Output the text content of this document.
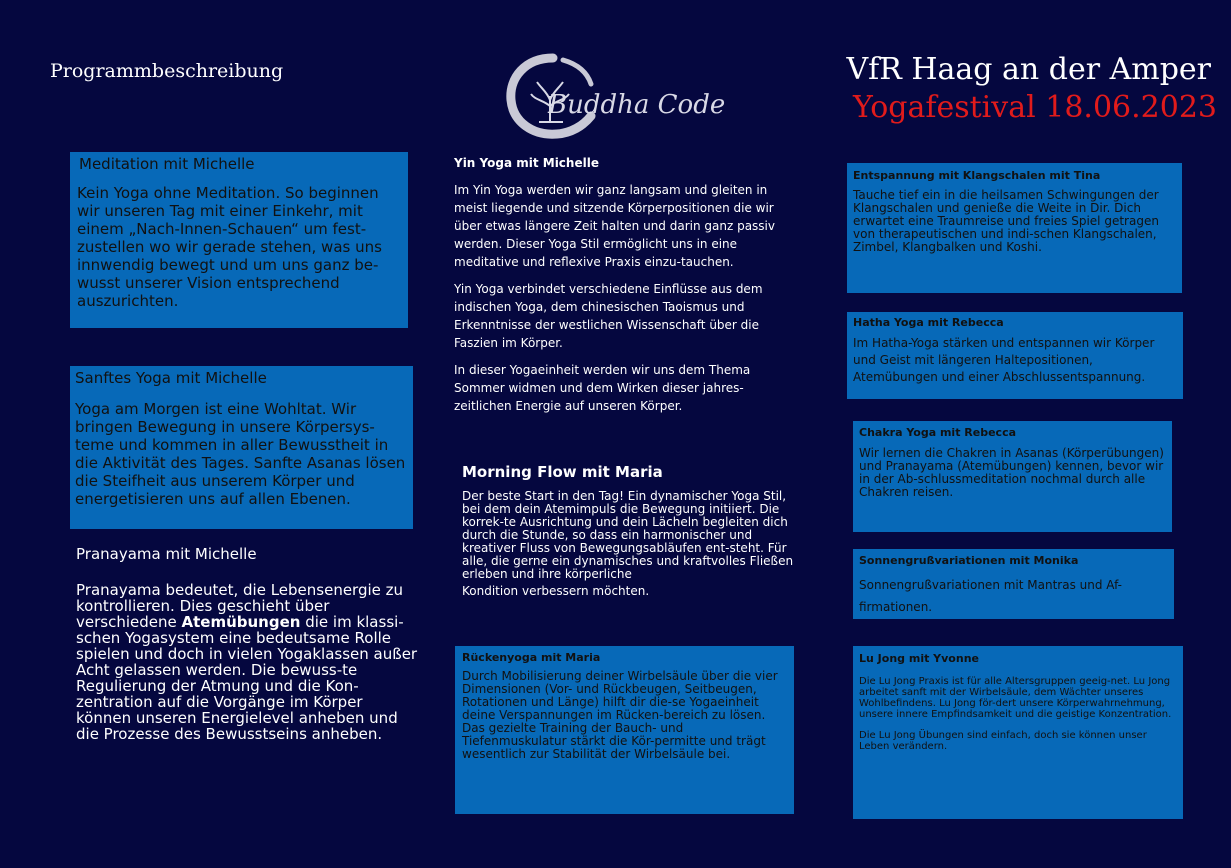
Programmbeschreibung
Buddha Code
VfR Haag an der Amper
Yogafestival 18.06.2023
Meditation mit Michelle
Kein Yoga ohne Meditation. So beginnen wir unseren Tag mit einer Einkehr, mit einem „Nach-Innen-Schauen“ um fest-zustellen wo wir gerade stehen, was uns innwendig bewegt und um uns ganz be-wusst unserer Vision entsprechend auszurichten.
Sanftes Yoga mit Michelle
Yoga am Morgen ist eine Wohltat. Wir bringen Bewegung in unsere Körpersys-teme und kommen in aller Bewusstheit in die Aktivität des Tages. Sanfte Asanas lösen die Steifheit aus unserem Körper und energetisieren uns auf allen Ebenen.
Pranayama mit Michelle
Pranayama bedeutet, die Lebensenergie zu kontrollieren. Dies geschieht über verschiedene Atemübungen die im klassi-schen Yogasystem eine bedeutsame Rolle spielen und doch in vielen Yogaklassen außer Acht gelassen werden. Die bewuss-te Regulierung der Atmung und die Kon-zentration auf die Vorgänge im Körper können unseren Energielevel anheben und die Prozesse des Bewusstseins anheben.
Yin Yoga mit Michelle

Im Yin Yoga werden wir ganz langsam und gleiten in meist liegende und sitzende Körperpositionen die wir über etwas längere Zeit halten und darin ganz passiv werden. Dieser Yoga Stil ermöglicht uns in eine meditative und reflexive Praxis einzu-tauchen.

Yin Yoga verbindet verschiedene Einflüsse aus dem indischen Yoga, dem chinesischen Taoismus und Erkenntnisse der westlichen Wissenschaft über die Faszien im Körper.

In dieser Yogaeinheit werden wir uns dem Thema Sommer widmen und dem Wirken dieser jahres-zeitlichen Energie auf unseren Körper.

Morning Flow mit Maria
Der beste Start in den Tag! Ein dynamischer Yoga Stil, bei dem dein Atemimpuls die Bewegung initiiert. Die korrek-te Ausrichtung und dein Lächeln begleiten dich durch die Stunde, so dass ein harmonischer und kreativer Fluss von Bewegungsabläufen ent-steht. Für alle, die gerne ein dynamisches und kraftvolles Fließen erleben und ihre körperliche
Kondition verbessern möchten.
Rückenyoga mit Maria
Durch Mobilisierung deiner Wirbelsäule über die vier Dimensionen (Vor- und Rückbeugen, Seitbeugen, Rotationen und Länge) hilft dir die-se Yogaeinheit deine Verspannungen im Rücken-bereich zu lösen. Das gezielte Training der Bauch- und Tiefenmuskulatur stärkt die Kör-permitte und trägt wesentlich zur Stabilität der Wirbelsäule bei.
Entspannung mit Klangschalen mit Tina
Tauche tief ein in die heilsamen Schwingungen der Klangschalen und genieße die Weite in Dir. Dich erwartet eine Traumreise und freies Spiel getragen von therapeutischen und indi-schen Klangschalen, Zimbel, Klangbalken und Koshi.
Hatha Yoga mit Rebecca
Im Hatha-Yoga stärken und entspannen wir Körper und Geist mit längeren Haltepositionen, Atemübungen und einer Abschlussentspannung.
Chakra Yoga mit Rebecca
Wir lernen die Chakren in Asanas (Körperübungen) und Pranayama (Atemübungen) kennen, bevor wir in der Ab-schlussmeditation nochmal durch alle Chakren reisen.
Sonnengrußvariationen mit Monika
Sonnengrußvariationen mit Mantras und Af-firmationen.
Lu Jong mit Yvonne
Die Lu Jong Praxis ist für alle Altersgruppen geeig-net. Lu Jong arbeitet sanft mit der Wirbelsäule, dem Wächter unseres Wohlbefindens. Lu Jong för-dert unsere Körperwahrnehmung, unsere innere Empfindsamkeit und die geistige Konzentration.
Die Lu Jong Übungen sind einfach, doch sie können unser Leben verändern.
